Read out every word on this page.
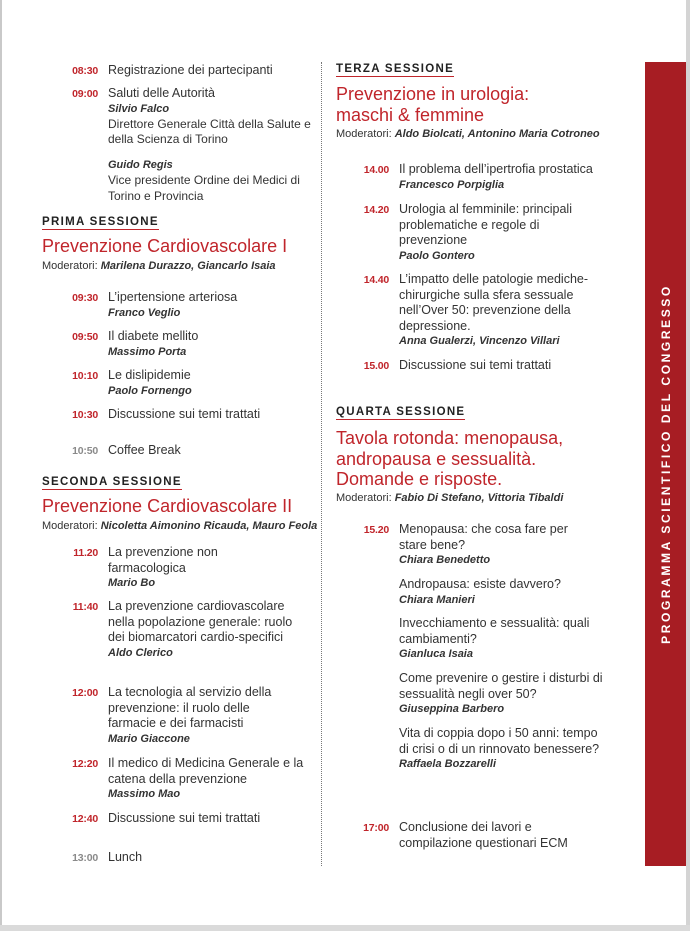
PROGRAMMA SCIENTIFICO DEL CONGRESSO
08:30 Registrazione dei partecipanti
09:00 Saluti delle Autorità
Silvio Falco
Direttore Generale Città della Salute e della Scienza di Torino
Guido Regis
Vice presidente Ordine dei Medici di Torino e Provincia
PRIMA SESSIONE
Prevenzione Cardiovascolare I
Moderatori: Marilena Durazzo, Giancarlo Isaia
09:30 L’ipertensione arteriosa
Franco Veglio
09:50 Il diabete mellito
Massimo Porta
10:10 Le dislipidemie
Paolo Fornengo
10:30 Discussione sui temi trattati
10:50 Coffee Break
SECONDA SESSIONE
Prevenzione Cardiovascolare II
Moderatori: Nicoletta Aimonino Ricauda, Mauro Feola
11.20 La prevenzione non farmacologica
Mario Bo
11:40 La prevenzione cardiovascolare nella popolazione generale: ruolo dei biomarcatori cardio-specifici
Aldo Clerico
12:00 La tecnologia al servizio della prevenzione: il ruolo delle farmacie e dei farmacisti
Mario Giaccone
12:20 Il medico di Medicina Generale e la catena della prevenzione
Massimo Mao
12:40 Discussione sui temi trattati
13:00 Lunch
TERZA SESSIONE
Prevenzione in urologia: maschi & femmine
Moderatori: Aldo Biolcati, Antonino Maria Cotroneo
14.00 Il problema dell’ipertrofia prostatica
Francesco Porpiglia
14.20 Urologia al femminile: principali problematiche e regole di prevenzione
Paolo Gontero
14.40 L’impatto delle patologie mediche-chirurgiche sulla sfera sessuale nell’Over 50: prevenzione della depressione.
Anna Gualerzi, Vincenzo Villari
15.00 Discussione sui temi trattati
QUARTA SESSIONE
Tavola rotonda: menopausa, andropausa e sessualità. Domande e risposte.
Moderatori: Fabio Di Stefano, Vittoria Tibaldi
15.20 Menopausa: che cosa fare per stare bene?
Chiara Benedetto
Andropausa: esiste davvero?
Chiara Manieri
Invecchiamento e sessualità: quali cambiamenti?
Gianluca Isaia
Come prevenire o gestire i disturbi di sessualità negli over 50?
Giuseppina Barbero
Vita di coppia dopo i 50 anni: tempo di crisi o di un rinnovato benessere?
Raffaela Bozzarelli
17:00 Conclusione dei lavori e compilazione questionari ECM
